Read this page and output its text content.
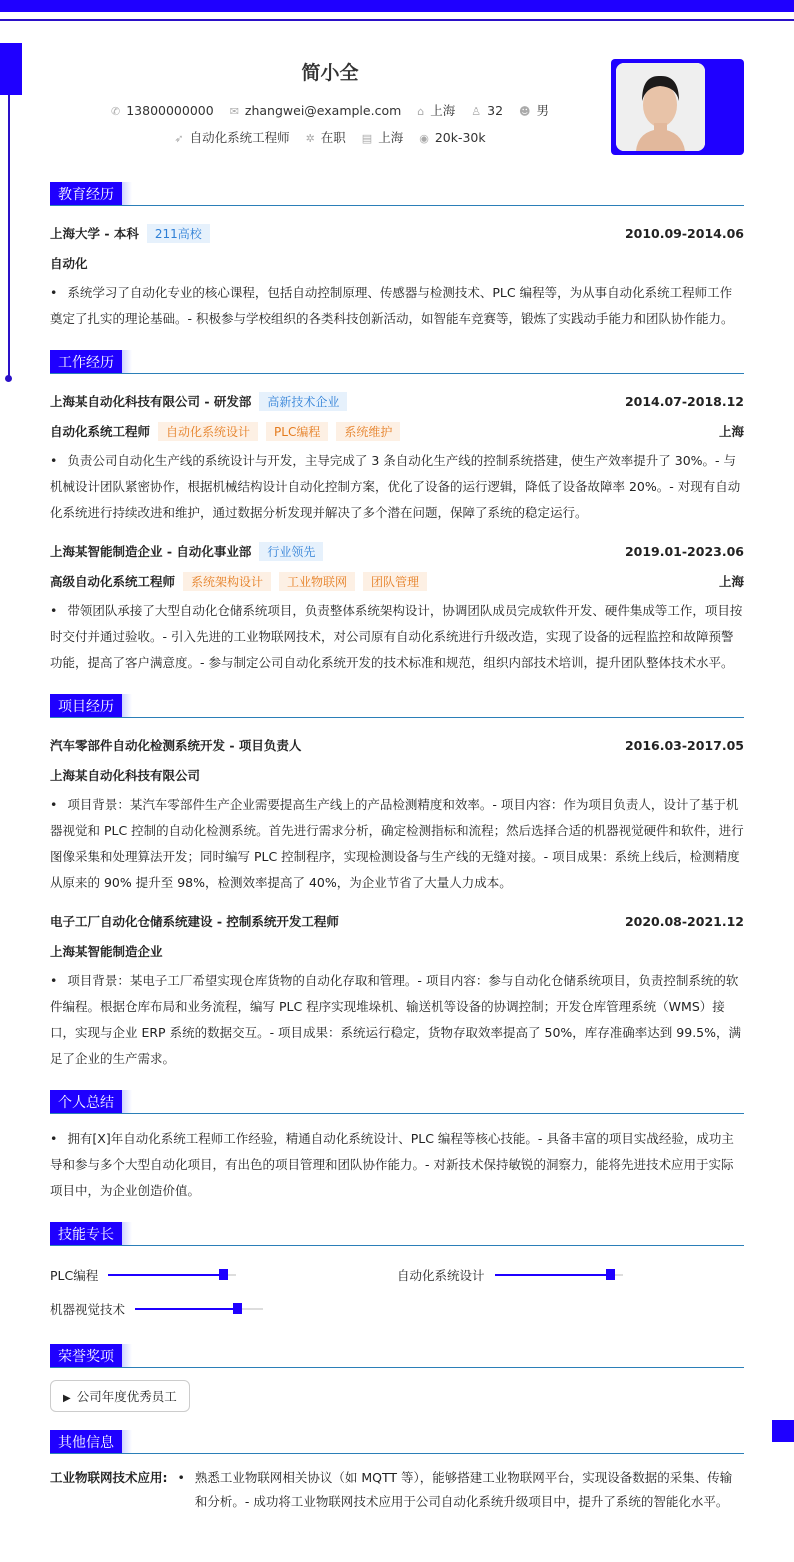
简小全
✆ 13800000000 ✉ zhangwei@example.com ⌂ 上海 ♙ 32 ☻ 男
➶ 自动化系统工程师 ✲ 在职 ▤ 上海 ◉ 20k-30k
教育经历
上海大学 - 本科 211高校	2010.09-2014.06
自动化
• 系统学习了自动化专业的核心课程，包括自动控制原理、传感器与检测技术、PLC 编程等，为从事自动化系统工程师工作奠定了扎实的理论基础。- 积极参与学校组织的各类科技创新活动，如智能车竞赛等，锻炼了实践动手能力和团队协作能力。
工作经历
上海某自动化科技有限公司 - 研发部 高新技术企业	2014.07-2018.12
自动化系统工程师 自动化系统设计 PLC编程 系统维护	上海
• 负责公司自动化生产线的系统设计与开发，主导完成了 3 条自动化生产线的控制系统搭建，使生产效率提升了 30%。- 与机械设计团队紧密协作，根据机械结构设计自动化控制方案，优化了设备的运行逻辑，降低了设备故障率 20%。- 对现有自动化系统进行持续改进和维护，通过数据分析发现并解决了多个潜在问题，保障了系统的稳定运行。
上海某智能制造企业 - 自动化事业部 行业领先	2019.01-2023.06
高级自动化系统工程师 系统架构设计 工业物联网 团队管理	上海
• 带领团队承接了大型自动化仓储系统项目，负责整体系统架构设计，协调团队成员完成软件开发、硬件集成等工作，项目按时交付并通过验收。- 引入先进的工业物联网技术，对公司原有自动化系统进行升级改造，实现了设备的远程监控和故障预警功能，提高了客户满意度。- 参与制定公司自动化系统开发的技术标准和规范，组织内部技术培训，提升团队整体技术水平。
项目经历
汽车零部件自动化检测系统开发 - 项目负责人	2016.03-2017.05
上海某自动化科技有限公司
• 项目背景：某汽车零部件生产企业需要提高生产线上的产品检测精度和效率。- 项目内容：作为项目负责人，设计了基于机器视觉和 PLC 控制的自动化检测系统。首先进行需求分析，确定检测指标和流程；然后选择合适的机器视觉硬件和软件，进行图像采集和处理算法开发；同时编写 PLC 控制程序，实现检测设备与生产线的无缝对接。- 项目成果：系统上线后，检测精度从原来的 90% 提升至 98%，检测效率提高了 40%，为企业节省了大量人力成本。
电子工厂自动化仓储系统建设 - 控制系统开发工程师	2020.08-2021.12
上海某智能制造企业
• 项目背景：某电子工厂希望实现仓库货物的自动化存取和管理。- 项目内容：参与自动化仓储系统项目，负责控制系统的软件编程。根据仓库布局和业务流程，编写 PLC 程序实现堆垛机、输送机等设备的协调控制；开发仓库管理系统（WMS）接口，实现与企业 ERP 系统的数据交互。- 项目成果：系统运行稳定，货物存取效率提高了 50%，库存准确率达到 99.5%，满足了企业的生产需求。
个人总结
• 拥有[X]年自动化系统工程师工作经验，精通自动化系统设计、PLC 编程等核心技能。- 具备丰富的项目实战经验，成功主导和参与多个大型自动化项目，有出色的项目管理和团队协作能力。- 对新技术保持敏锐的洞察力，能将先进技术应用于实际项目中，为企业创造价值。
技能专长
PLC编程	自动化系统设计
机器视觉技术
荣誉奖项
▶ 公司年度优秀员工
其他信息
工业物联网技术应用: • 熟悉工业物联网相关协议（如 MQTT 等），能够搭建工业物联网平台，实现设备数据的采集、传输和分析。- 成功将工业物联网技术应用于公司自动化系统升级项目中，提升了系统的智能化水平。
